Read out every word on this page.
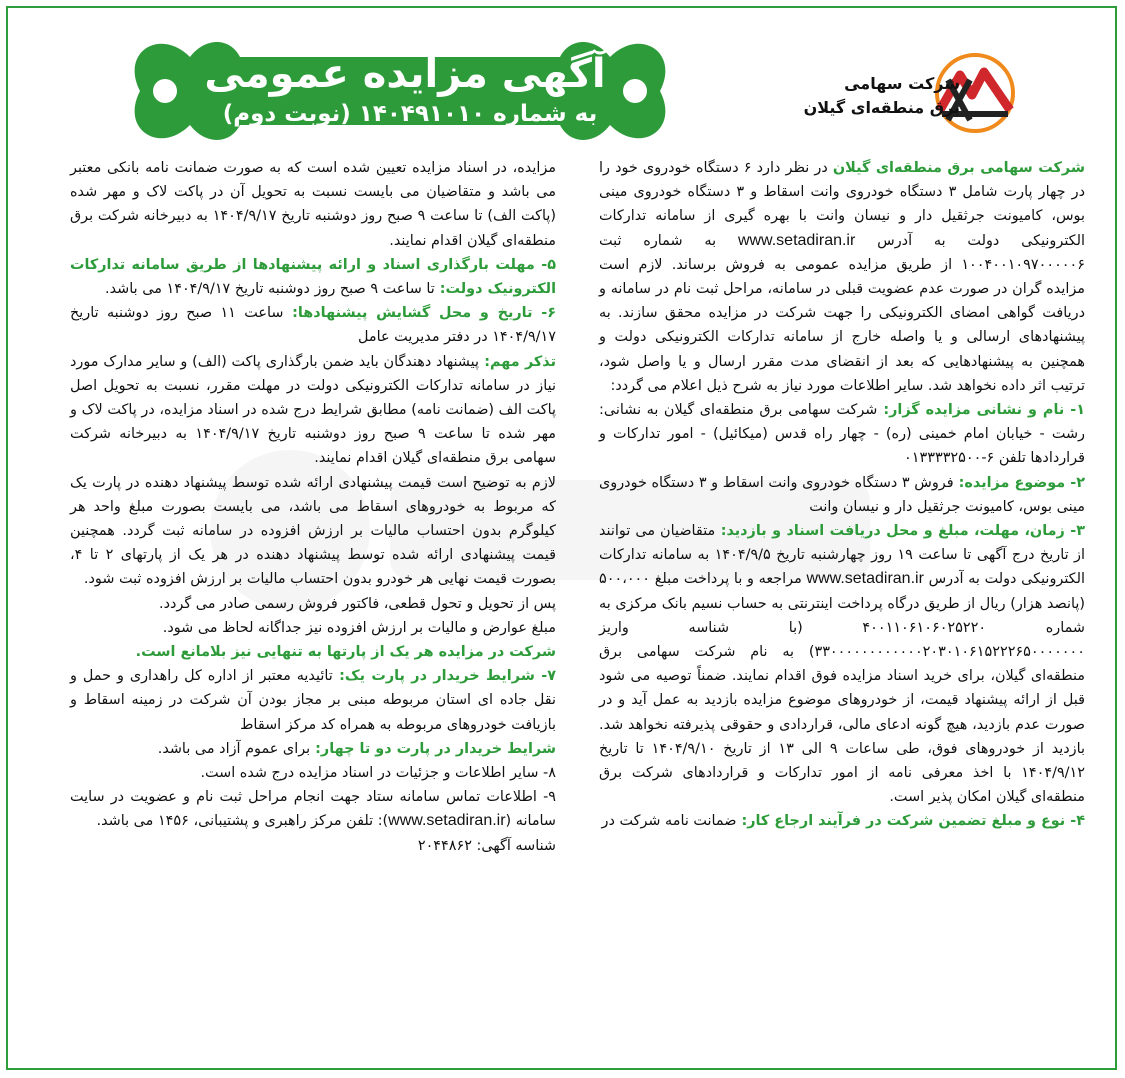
آگهی مزایده عمومی
به شماره ۱۴۰۴۹۱۰۱۰ (نوبت دوم)
شرکت سهامی
برق منطقه‌ای گیلان
شرکت سهامی برق منطقه‌ای گیلان در نظر دارد ۶ دستگاه خودروی خود را در چهار پارت شامل ۳ دستگاه خودروی وانت اسقاط و ۳ دستگاه خودروی مینی بوس، کامیونت جرثقیل دار و نیسان وانت با بهره گیری از سامانه تدارکات الکترونیکی دولت به آدرس www.setadiran.ir به شماره ثبت ۱۰۰۴۰۰۱۰۹۷۰۰۰۰۰۶ از طریق مزایده عمومی به فروش برساند. لازم است مزایده گران در صورت عدم عضویت قبلی در سامانه، مراحل ثبت نام در سامانه و دریافت گواهی امضای الکترونیکی را جهت شرکت در مزایده محقق سازند. به پیشنهادهای ارسالی و یا واصله خارج از سامانه تدارکات الکترونیکی دولت و همچنین به پیشنهادهایی که بعد از انقضای مدت مقرر ارسال و یا واصل شود، ترتیب اثر داده نخواهد شد. سایر اطلاعات مورد نیاز به شرح ذیل اعلام می گردد:
۱- نام و نشانی مزایده گزار: شرکت سهامی برق منطقه‌ای گیلان به نشانی: رشت - خیابان امام خمینی (ره) - چهار راه قدس (میکائیل) - امور تدارکات و قراردادها تلفن ۶-۰۱۳۳۳۳۲۵۰۰
۲- موضوع مزایده: فروش ۳ دستگاه خودروی وانت اسقاط و ۳ دستگاه خودروی مینی بوس، کامیونت جرثقیل دار و نیسان وانت
۳- زمان، مهلت، مبلغ و محل دریافت اسناد و بازدید: متقاضیان می توانند از تاریخ درج آگهی تا ساعت ۱۹ روز چهارشنبه تاریخ ۱۴۰۴/۹/۵ به سامانه تدارکات الکترونیکی دولت به آدرس www.setadiran.ir مراجعه و با پرداخت مبلغ ۵۰۰،۰۰۰ (پانصد هزار) ریال از طریق درگاه پرداخت اینترنتی به حساب نسیم بانک مرکزی به شماره ۴۰۰۱۱۰۶۱۰۶۰۲۵۲۲۰ (با شناسه واریز ۳۳۰۰۰۰۰۰۰۰۰۰۰۰۲۰۳۰۱۰۶۱۵۲۲۲۶۵۰۰۰۰۰۰۰) به نام شرکت سهامی برق منطقه‌ای گیلان، برای خرید اسناد مزایده فوق اقدام نمایند. ضمناً توصیه می شود قبل از ارائه پیشنهاد قیمت، از خودروهای موضوع مزایده بازدید به عمل آید و در صورت عدم بازدید، هیچ گونه ادعای مالی، قراردادی و حقوقی پذیرفته نخواهد شد. بازدید از خودروهای فوق، طی ساعات ۹ الی ۱۳ از تاریخ ۱۴۰۴/۹/۱۰ تا تاریخ ۱۴۰۴/۹/۱۲ با اخذ معرفی نامه از امور تدارکات و قراردادهای شرکت برق منطقه‌ای گیلان امکان پذیر است.
۴- نوع و مبلغ تضمین شرکت در فرآیند ارجاع کار: ضمانت نامه شرکت در
مزایده، در اسناد مزایده تعیین شده است که به صورت ضمانت نامه بانکی معتبر می باشد و متقاضیان می بایست نسبت به تحویل آن در پاکت لاک و مهر شده (پاکت الف) تا ساعت ۹ صبح روز دوشنبه تاریخ ۱۴۰۴/۹/۱۷ به دبیرخانه شرکت برق منطقه‌ای گیلان اقدام نمایند.
۵- مهلت بارگذاری اسناد و ارائه پیشنهادها از طریق سامانه تدارکات الکترونیک دولت: تا ساعت ۹ صبح روز دوشنبه تاریخ ۱۴۰۴/۹/۱۷ می باشد.
۶- تاریخ و محل گشایش پیشنهادها: ساعت ۱۱ صبح روز دوشنبه تاریخ ۱۴۰۴/۹/۱۷ در دفتر مدیریت عامل
تذکر مهم: پیشنهاد دهندگان باید ضمن بارگذاری پاکت (الف) و سایر مدارک مورد نیاز در سامانه تدارکات الکترونیکی دولت در مهلت مقرر، نسبت به تحویل اصل پاکت الف (ضمانت نامه) مطابق شرایط درج شده در اسناد مزایده، در پاکت لاک و مهر شده تا ساعت ۹ صبح روز دوشنبه تاریخ ۱۴۰۴/۹/۱۷ به دبیرخانه شرکت سهامی برق منطقه‌ای گیلان اقدام نمایند.
لازم به توضیح است قیمت پیشنهادی ارائه شده توسط پیشنهاد دهنده در پارت یک که مربوط به خودروهای اسقاط می باشد، می بایست بصورت مبلغ واحد هر کیلوگرم بدون احتساب مالیات بر ارزش افزوده در سامانه ثبت گردد. همچنین قیمت پیشنهادی ارائه شده توسط پیشنهاد دهنده در هر یک از پارتهای ۲ تا ۴، بصورت قیمت نهایی هر خودرو بدون احتساب مالیات بر ارزش افزوده ثبت شود.
پس از تحویل و تحول قطعی، فاکتور فروش رسمی صادر می گردد.
مبلغ عوارض و مالیات بر ارزش افزوده نیز جداگانه لحاظ می شود.
شرکت در مزایده هر یک از پارتها به تنهایی نیز بلامانع است.
۷- شرایط خریدار در پارت یک: تائیدیه معتبر از اداره کل راهداری و حمل و نقل جاده ای استان مربوطه مبنی بر مجاز بودن آن شرکت در زمینه اسقاط و بازیافت خودروهای مربوطه به همراه کد مرکز اسقاط
شرایط خریدار در پارت دو تا چهار: برای عموم آزاد می باشد.
۸- سایر اطلاعات و جزئیات در اسناد مزایده درج شده است.
۹- اطلاعات تماس سامانه ستاد جهت انجام مراحل ثبت نام و عضویت در سایت سامانه (www.setadiran.ir): تلفن مرکز راهبری و پشتیبانی، ۱۴۵۶ می باشد.
شناسه آگهی: ۲۰۴۴۸۶۲
